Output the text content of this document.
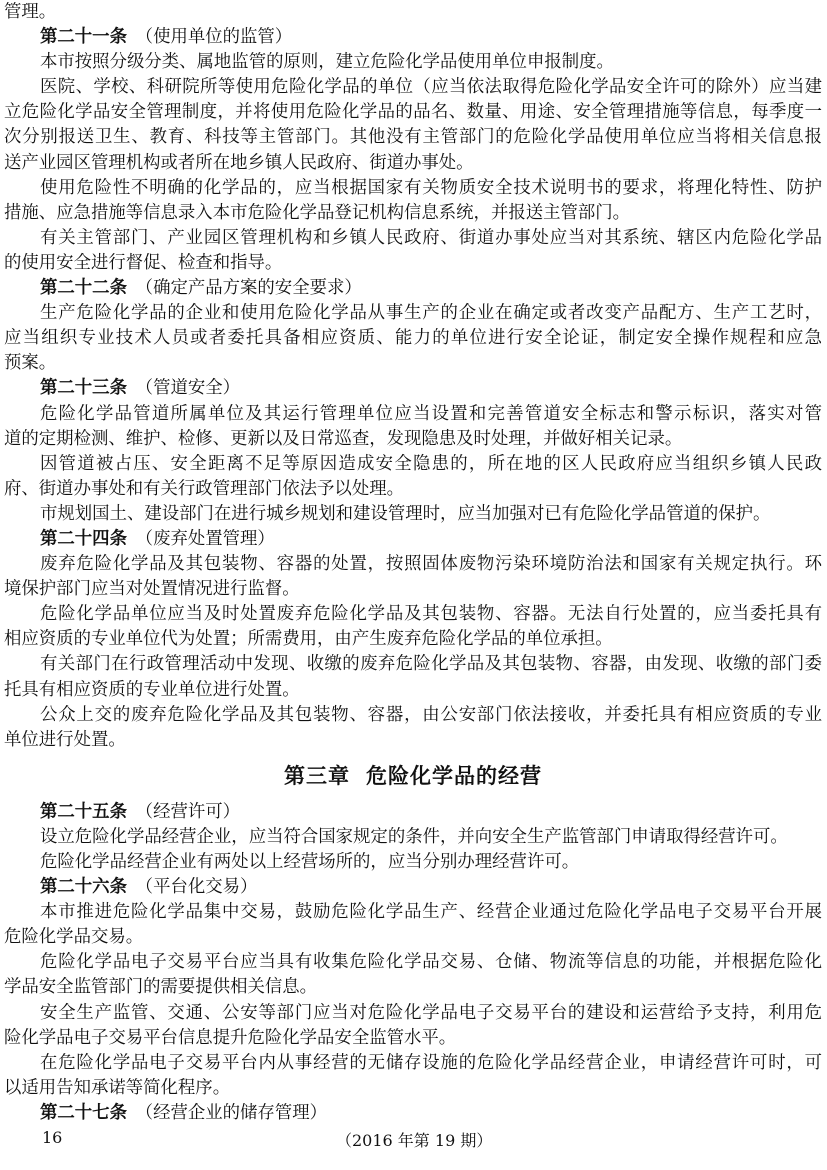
管理。
第二十一条　 （使用单位的监管）
本市按照分级分类、属地监管的原则，建立危险化学品使用单位申报制度。
医院、学校、科研院所等使用危险化学品的单位（应当依法取得危险化学品安全许可的除外）应当建
立危险化学品安全管理制度，并将使用危险化学品的品名、数量、用途、安全管理措施等信息，每季度一
次分别报送卫生、教育、科技等主管部门。其他没有主管部门的危险化学品使用单位应当将相关信息报
送产业园区管理机构或者所在地乡镇人民政府、街道办事处。
使用危险性不明确的化学品的，应当根据国家有关物质安全技术说明书的要求，将理化特性、防护
措施、应急措施等信息录入本市危险化学品登记机构信息系统，并报送主管部门。
有关主管部门、产业园区管理机构和乡镇人民政府、街道办事处应当对其系统、辖区内危险化学品
的使用安全进行督促、检查和指导。
第二十二条　 （确定产品方案的安全要求）
生产危险化学品的企业和使用危险化学品从事生产的企业在确定或者改变产品配方、生产工艺时，
应当组织专业技术人员或者委托具备相应资质、能力的单位进行安全论证，制定安全操作规程和应急
预案。
第二十三条　 （管道安全）
危险化学品管道所属单位及其运行管理单位应当设置和完善管道安全标志和警示标识，落实对管
道的定期检测、维护、检修、更新以及日常巡查，发现隐患及时处理，并做好相关记录。
因管道被占压、安全距离不足等原因造成安全隐患的，所在地的区人民政府应当组织乡镇人民政
府、街道办事处和有关行政管理部门依法予以处理。
市规划国土、建设部门在进行城乡规划和建设管理时，应当加强对已有危险化学品管道的保护。
第二十四条　 （废弃处置管理）
废弃危险化学品及其包装物、容器的处置，按照固体废物污染环境防治法和国家有关规定执行。环
境保护部门应当对处置情况进行监督。
危险化学品单位应当及时处置废弃危险化学品及其包装物、容器。无法自行处置的，应当委托具有
相应资质的专业单位代为处置；所需费用，由产生废弃危险化学品的单位承担。
有关部门在行政管理活动中发现、收缴的废弃危险化学品及其包装物、容器，由发现、收缴的部门委
托具有相应资质的专业单位进行处置。
公众上交的废弃危险化学品及其包装物、容器，由公安部门依法接收，并委托具有相应资质的专业
单位进行处置。
第三章 危险化学品的经营
第二十五条　 （经营许可）
设立危险化学品经营企业，应当符合国家规定的条件，并向安全生产监管部门申请取得经营许可。
危险化学品经营企业有两处以上经营场所的，应当分别办理经营许可。
第二十六条　 （平台化交易）
本市推进危险化学品集中交易，鼓励危险化学品生产、经营企业通过危险化学品电子交易平台开展
危险化学品交易。
危险化学品电子交易平台应当具有收集危险化学品交易、仓储、物流等信息的功能，并根据危险化
学品安全监管部门的需要提供相关信息。
安全生产监管、交通、公安等部门应当对危险化学品电子交易平台的建设和运营给予支持，利用危
险化学品电子交易平台信息提升危险化学品安全监管水平。
在危险化学品电子交易平台内从事经营的无储存设施的危险化学品经营企业，申请经营许可时，可
以适用告知承诺等简化程序。
第二十七条　 （经营企业的储存管理）
16	（2016 年第 19 期）
